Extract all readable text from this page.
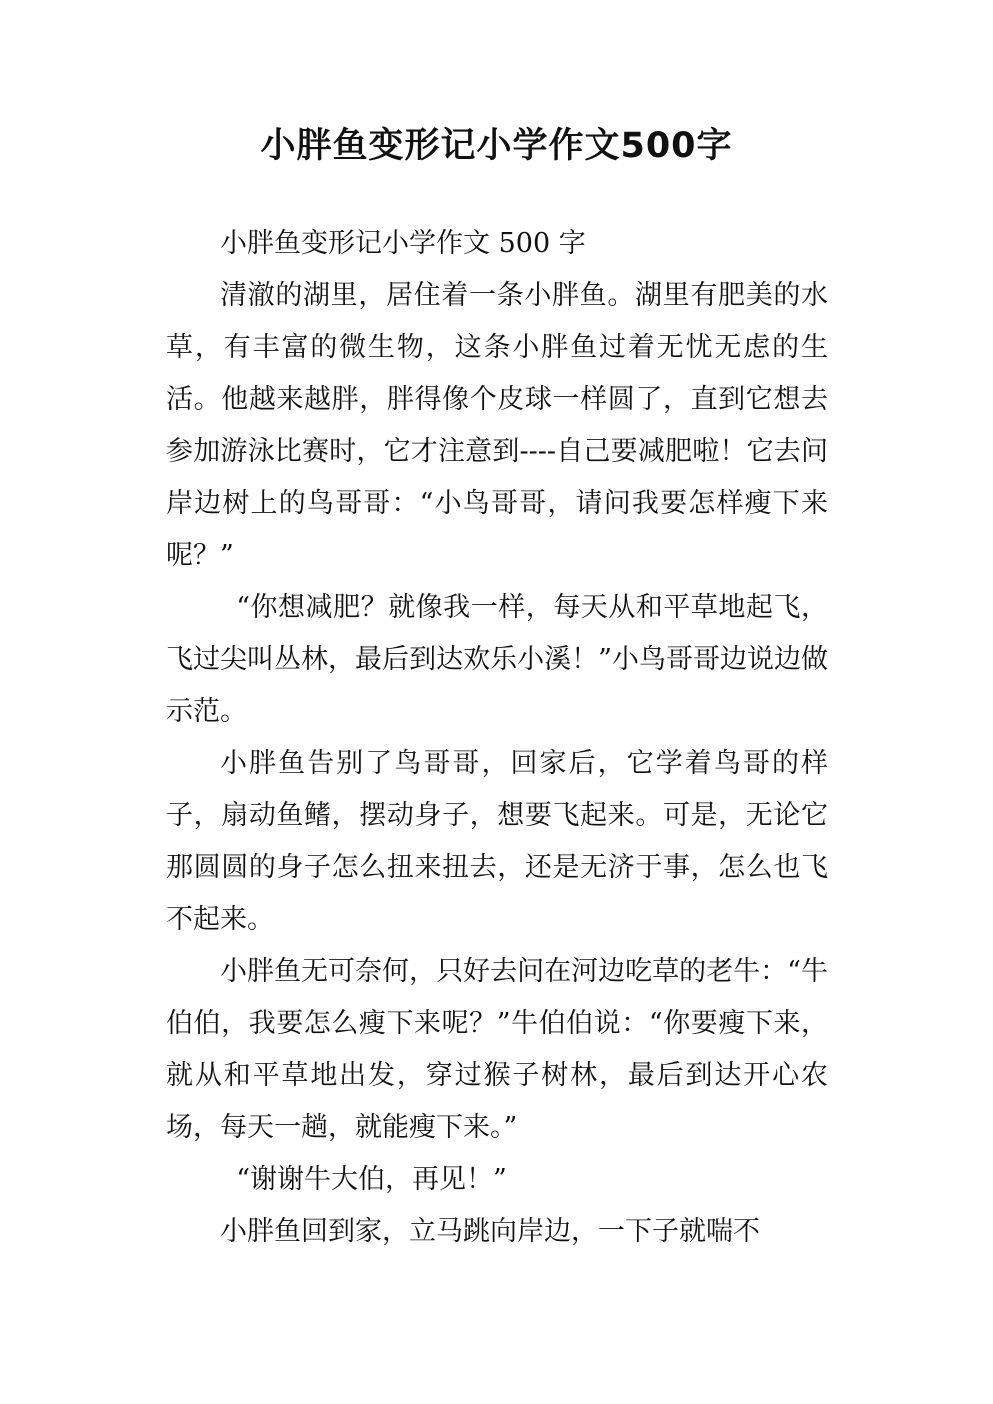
小胖鱼变形记小学作文500字

小胖鱼变形记小学作文 500 字

清澈的湖里，居住着一条小胖鱼。湖里有肥美的水草，有丰富的微生物，这条小胖鱼过着无忧无虑的生活。他越来越胖，胖得像个皮球一样圆了，直到它想去参加游泳比赛时，它才注意到----自己要减肥啦！它去问岸边树上的鸟哥哥：“小鸟哥哥，请问我要怎样瘦下来呢？”

“你想减肥？就像我一样，每天从和平草地起飞，飞过尖叫丛林，最后到达欢乐小溪！”小鸟哥哥边说边做示范。

小胖鱼告别了鸟哥哥，回家后，它学着鸟哥的样子，扇动鱼鳍，摆动身子，想要飞起来。可是，无论它那圆圆的身子怎么扭来扭去，还是无济于事，怎么也飞不起来。

小胖鱼无可奈何，只好去问在河边吃草的老牛：“牛伯伯，我要怎么瘦下来呢？”牛伯伯说：“你要瘦下来，就从和平草地出发，穿过猴子树林，最后到达开心农场，每天一趟，就能瘦下来。”

“谢谢牛大伯，再见！”

小胖鱼回到家，立马跳向岸边，一下子就喘不
